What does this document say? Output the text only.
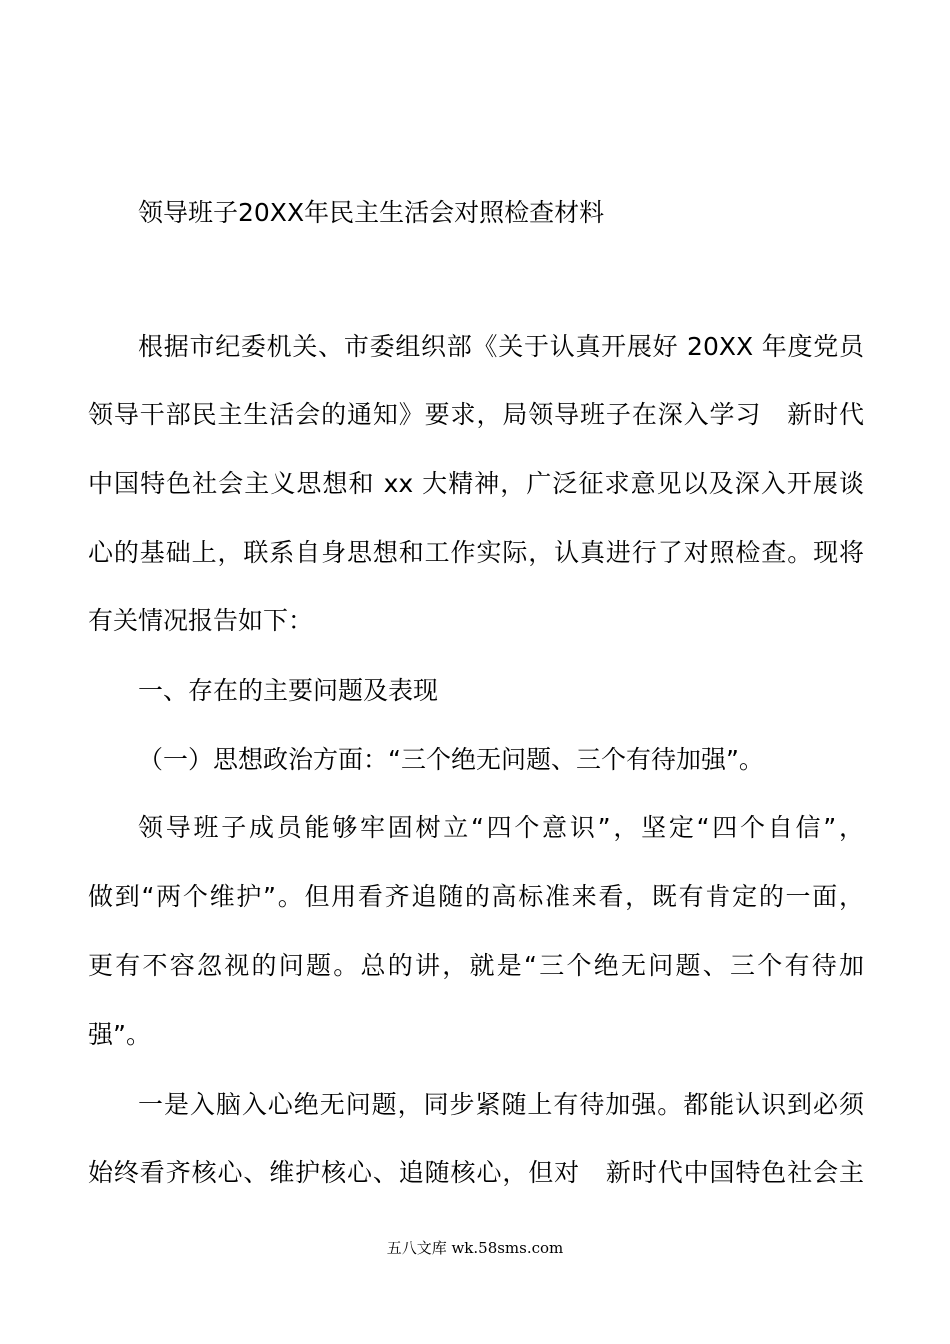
领导班子20XX年民主生活会对照检查材料
根据市纪委机关、市委组织部《关于认真开展好 20XX 年度党员
领导干部民主生活会的通知》要求，局领导班子在深入学习　新时代
中国特色社会主义思想和 xx 大精神，广泛征求意见以及深入开展谈
心的基础上，联系自身思想和工作实际，认真进行了对照检查。现将
有关情况报告如下：
一、存在的主要问题及表现
（一）思想政治方面：“三个绝无问题、三个有待加强”。
领导班子成员能够牢固树立“四个意识”，坚定“四个自信”，
做到“两个维护”。但用看齐追随的高标准来看，既有肯定的一面，
更有不容忽视的问题。总的讲，就是“三个绝无问题、三个有待加
强”。
一是入脑入心绝无问题，同步紧随上有待加强。都能认识到必须
始终看齐核心、维护核心、追随核心，但对　新时代中国特色社会主
五八文库 wk.58sms.com
